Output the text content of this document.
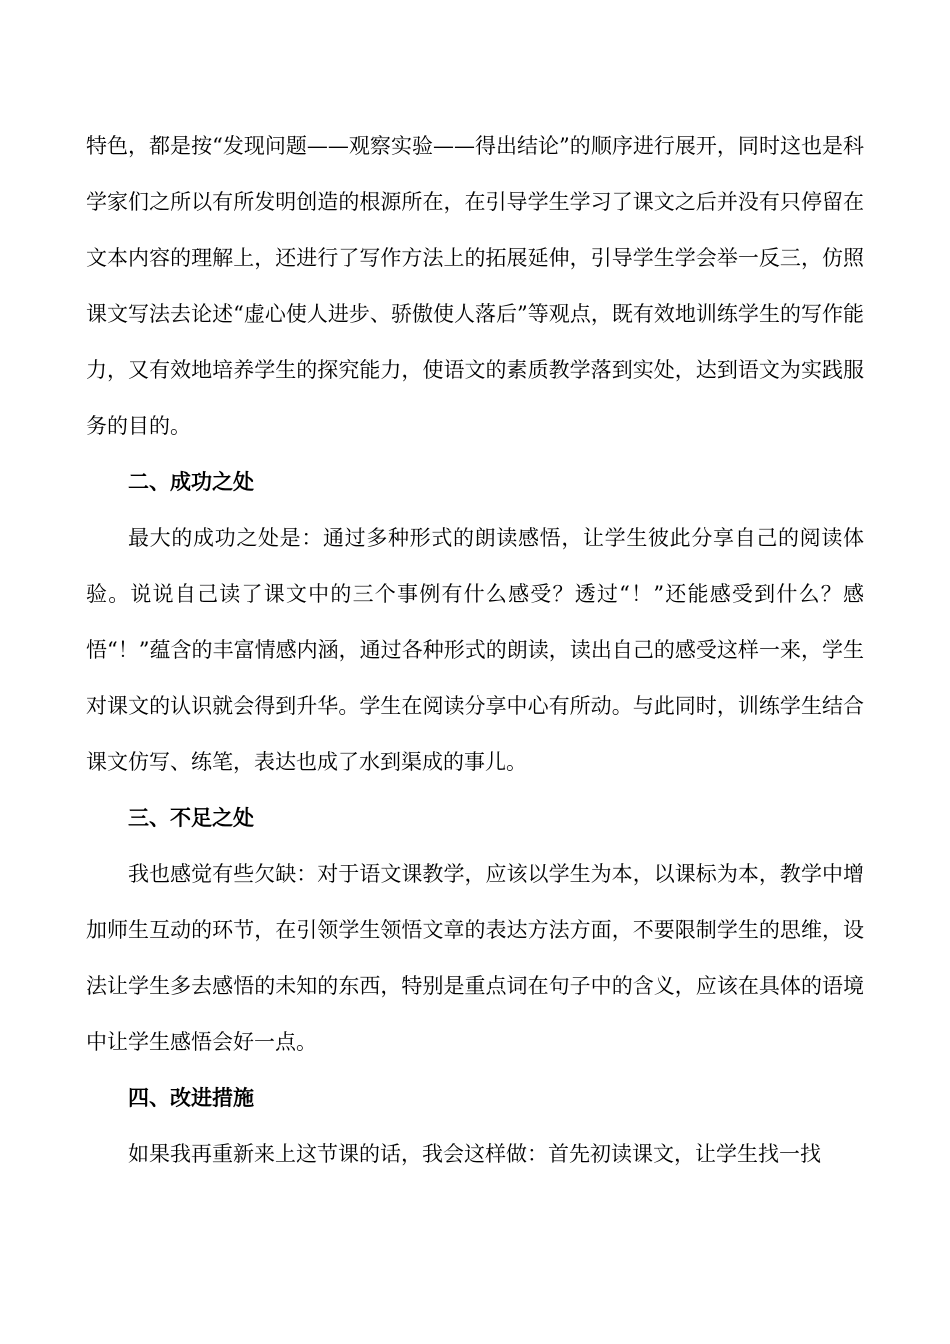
特色，都是按“发现问题——观察实验——得出结论”的顺序进行展开，同时这也是科学家们之所以有所发明创造的根源所在，在引导学生学习了课文之后并没有只停留在文本内容的理解上，还进行了写作方法上的拓展延伸，引导学生学会举一反三，仿照课文写法去论述“虚心使人进步、骄傲使人落后”等观点，既有效地训练学生的写作能力，又有效地培养学生的探究能力，使语文的素质教学落到实处，达到语文为实践服务的目的。

二、成功之处

最大的成功之处是：通过多种形式的朗读感悟，让学生彼此分享自己的阅读体验。说说自己读了课文中的三个事例有什么感受？透过“！”还能感受到什么？感悟“！”蕴含的丰富情感内涵，通过各种形式的朗读，读出自己的感受这样一来，学生对课文的认识就会得到升华。学生在阅读分享中心有所动。与此同时，训练学生结合课文仿写、练笔，表达也成了水到渠成的事儿。

三、不足之处

我也感觉有些欠缺：对于语文课教学，应该以学生为本，以课标为本，教学中增加师生互动的环节，在引领学生领悟文章的表达方法方面，不要限制学生的思维，设法让学生多去感悟的未知的东西，特别是重点词在句子中的含义，应该在具体的语境中让学生感悟会好一点。

四、改进措施

如果我再重新来上这节课的话，我会这样做：首先初读课文，让学生找一找
